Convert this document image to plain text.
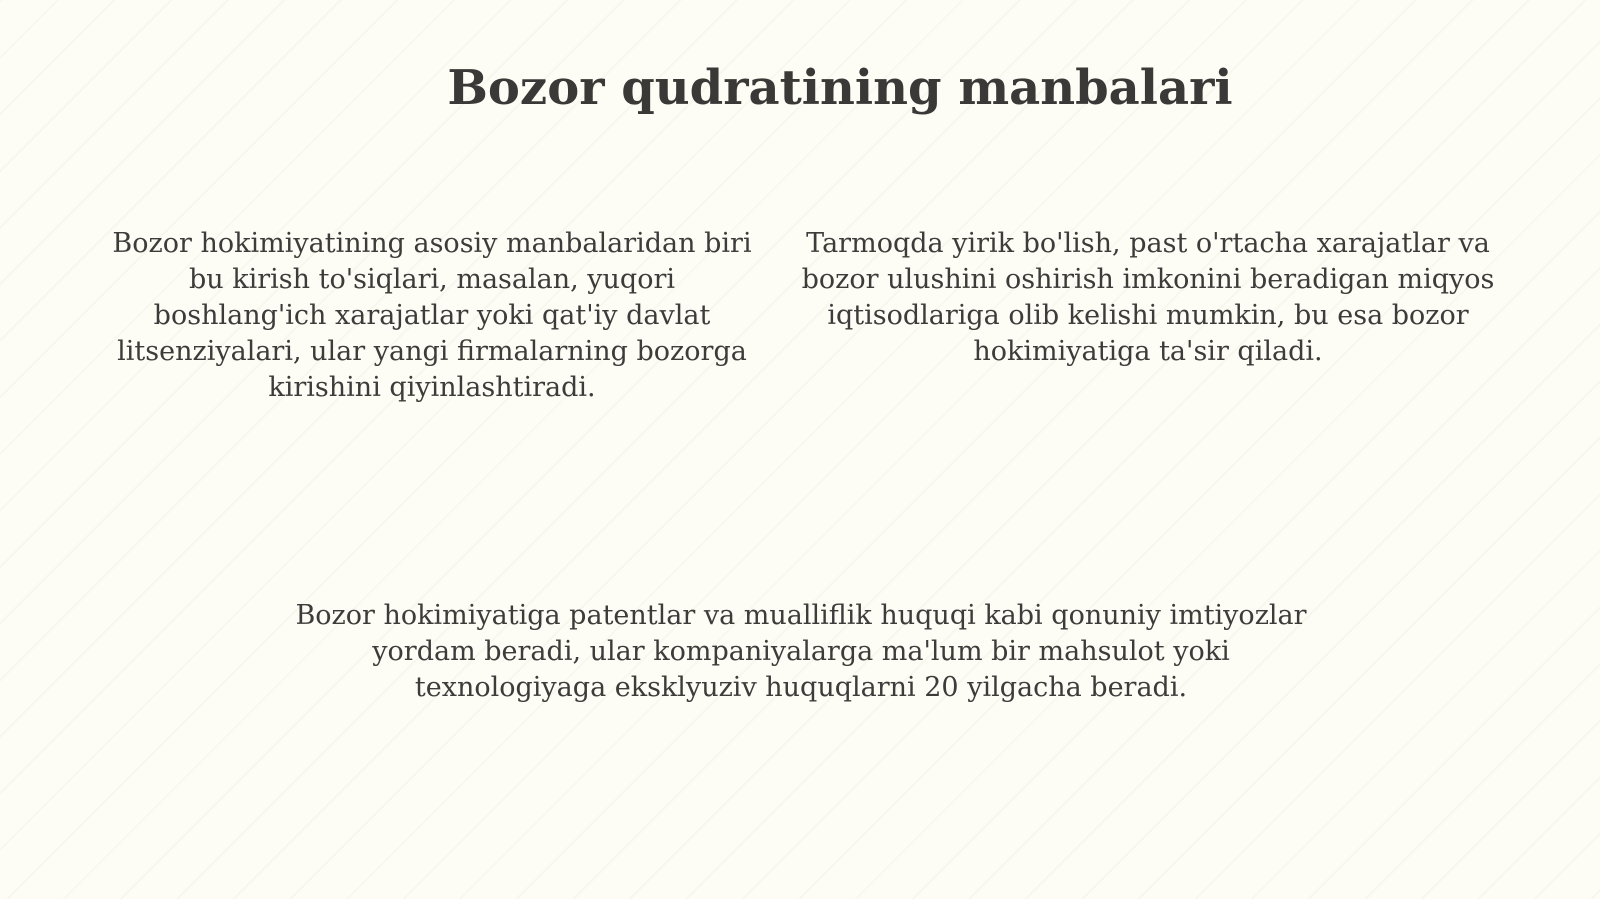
Bozor qudratining manbalari

Bozor hokimiyatining asosiy manbalaridan biri bu kirish to'siqlari, masalan, yuqori boshlang'ich xarajatlar yoki qat'iy davlat litsenziyalari, ular yangi firmalarning bozorga kirishini qiyinlashtiradi.

Tarmoqda yirik bo'lish, past o'rtacha xarajatlar va bozor ulushini oshirish imkonini beradigan miqyos iqtisodlariga olib kelishi mumkin, bu esa bozor hokimiyatiga ta'sir qiladi.

Bozor hokimiyatiga patentlar va mualliflik huquqi kabi qonuniy imtiyozlar yordam beradi, ular kompaniyalarga ma'lum bir mahsulot yoki texnologiyaga eksklyuziv huquqlarni 20 yilgacha beradi.
